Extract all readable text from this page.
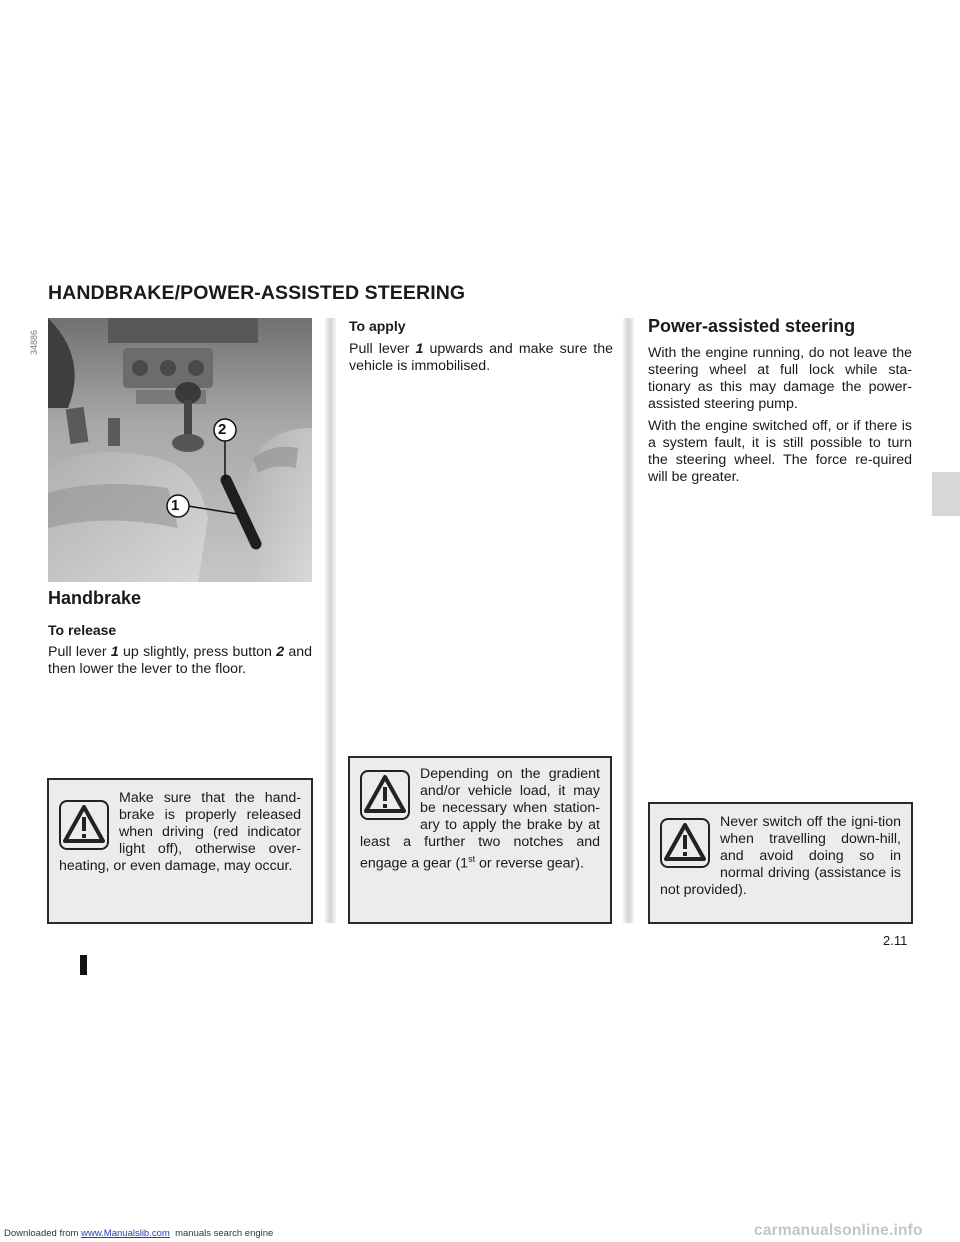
HANDBRAKE/POWER-ASSISTED STEERING
34886
2
1
Handbrake
To release
Pull lever 1 up slightly, press button 2 and then lower the lever to the floor.
Make sure that the hand-brake is properly released when driving (red indicator light off), otherwise over-heating, or even damage, may occur.
To apply
Pull lever 1 upwards and make sure the vehicle is immobilised.
Depending on the gradient and/or vehicle load, it may be necessary when station-ary to apply the brake by at least a further two notches and engage a gear (1st or reverse gear).
Power-assisted steering
With the engine running, do not leave the steering wheel at full lock while sta-tionary as this may damage the power-assisted steering pump.
With the engine switched off, or if there is a system fault, it is still possible to turn the steering wheel. The force re-quired will be greater.
Never switch off the igni-tion when travelling down-hill, and avoid doing so in normal driving (assistance is not provided).
2.11
Downloaded from www.Manualslib.com  manuals search engine	carmanualsonline.info
